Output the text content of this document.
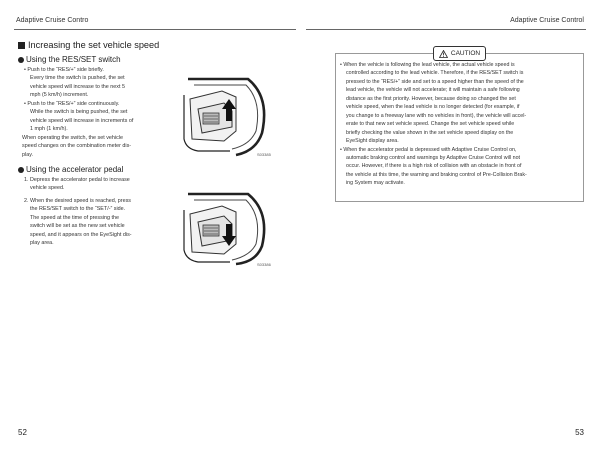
Adaptive Cruise Contro	Adaptive Cruise Control
Increasing the set vehicle speed
Using the RES/SET switch

• Push to the “RES/+” side briefly.

Every time the switch is pushed, the set

vehicle speed will increase to the next 5

mph (5 km/h) increment.

• Push to the “RES/+” side continuously.

While the switch is being pushed, the set

vehicle speed will increase in increments of

1 mph (1 km/h).

When operating the switch, the set vehicle

speed changes on the combination meter dis-

play.

Using the accelerator pedal

1. Depress the accelerator pedal to increase

vehicle speed.

2. When the desired speed is reached, press

the RES/SET switch to the “SET/-” side.

The speed at the time of pressing the

switch will be set as the new set vehicle

speed, and it appears on the EyeSight dis-

play area.

S03385
S03386
CAUTION

• When the vehicle is following the lead vehicle, the actual vehicle speed is

controlled according to the lead vehicle. Therefore, if the RES/SET switch is

pressed to the “RES/+” side and set to a speed higher than the speed of the

lead vehicle, the vehicle will not accelerate; it will maintain a safe following

distance as the first priority. However, because doing so changed the set

vehicle speed, when the lead vehicle is no longer detected (for example, if

you change to a freeway lane with no vehicles in front), the vehicle will accel-

erate to that new set vehicle speed. Change the set vehicle speed while

briefly checking the value shown in the set vehicle speed display on the

EyeSight display area.

• When the accelerator pedal is depressed with Adaptive Cruise Control on,

automatic braking control and warnings by Adaptive Cruise Control will not

occur. However, if there is a high risk of collision with an obstacle in front of

the vehicle at this time, the warning and braking control of Pre-Collision Brak-

ing System may activate.

52	53
